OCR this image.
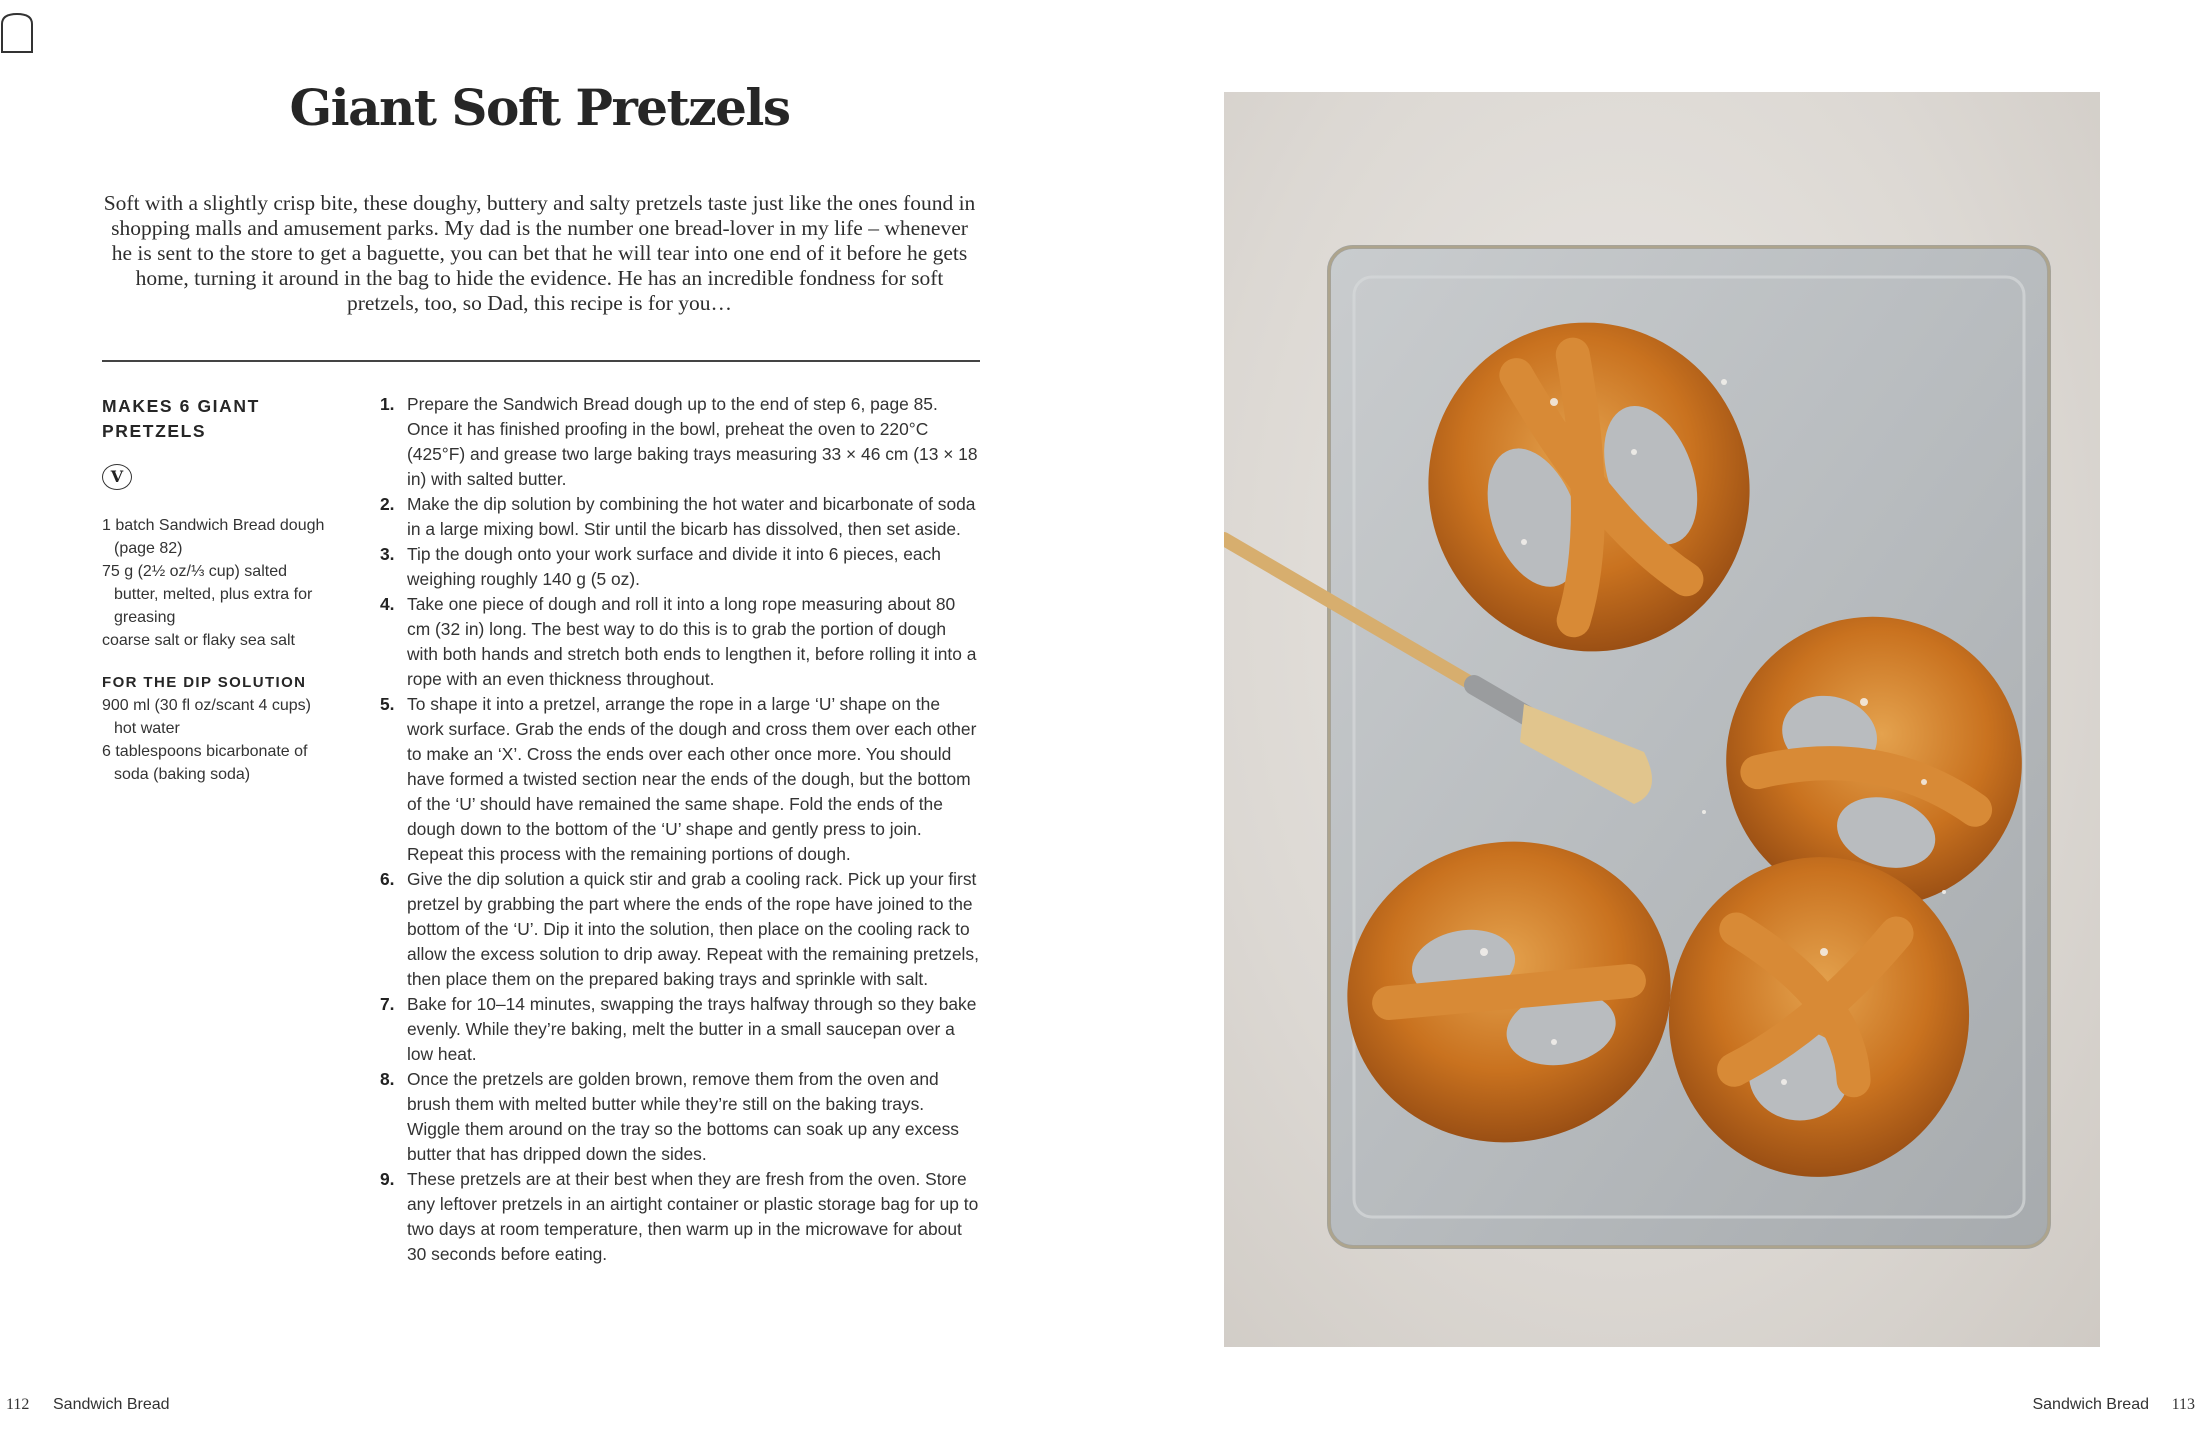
Giant Soft Pretzels

Soft with a slightly crisp bite, these doughy, buttery and salty pretzels taste just like the ones found in shopping malls and amusement parks. My dad is the number one bread-lover in my life – whenever he is sent to the store to get a baguette, you can bet that he will tear into one end of it before he gets home, turning it around in the bag to hide the evidence. He has an incredible fondness for soft pretzels, too, so Dad, this recipe is for you…

MAKES 6 GIANT PRETZELS
V
1 batch Sandwich Bread dough (page 82)
75 g (2½ oz/⅓ cup) salted butter, melted, plus extra for greasing
coarse salt or flaky sea salt
FOR THE DIP SOLUTION
900 ml (30 fl oz/scant 4 cups) hot water
6 tablespoons bicarbonate of soda (baking soda)
1. Prepare the Sandwich Bread dough up to the end of step 6, page 85. Once it has finished proofing in the bowl, preheat the oven to 220°C (425°F) and grease two large baking trays measuring 33 × 46 cm (13 × 18 in) with salted butter.
2. Make the dip solution by combining the hot water and bicarbonate of soda in a large mixing bowl. Stir until the bicarb has dissolved, then set aside.
3. Tip the dough onto your work surface and divide it into 6 pieces, each weighing roughly 140 g (5 oz).
4. Take one piece of dough and roll it into a long rope measuring about 80 cm (32 in) long. The best way to do this is to grab the portion of dough with both hands and stretch both ends to lengthen it, before rolling it into a rope with an even thickness throughout.
5. To shape it into a pretzel, arrange the rope in a large ‘U’ shape on the work surface. Grab the ends of the dough and cross them over each other to make an ‘X’. Cross the ends over each other once more. You should have formed a twisted section near the ends of the dough, but the bottom of the ‘U’ should have remained the same shape. Fold the ends of the dough down to the bottom of the ‘U’ shape and gently press to join. Repeat this process with the remaining portions of dough.
6. Give the dip solution a quick stir and grab a cooling rack. Pick up your first pretzel by grabbing the part where the ends of the rope have joined to the bottom of the ‘U’. Dip it into the solution, then place on the cooling rack to allow the excess solution to drip away. Repeat with the remaining pretzels, then place them on the prepared baking trays and sprinkle with salt.
7. Bake for 10–14 minutes, swapping the trays halfway through so they bake evenly. While they’re baking, melt the butter in a small saucepan over a low heat.
8. Once the pretzels are golden brown, remove them from the oven and brush them with melted butter while they’re still on the baking trays. Wiggle them around on the tray so the bottoms can soak up any excess butter that has dripped down the sides.
9. These pretzels are at their best when they are fresh from the oven. Store any leftover pretzels in an airtight container or plastic storage bag for up to two days at room temperature, then warm up in the microwave for about 30 seconds before eating.
112 Sandwich Bread	Sandwich Bread 113
